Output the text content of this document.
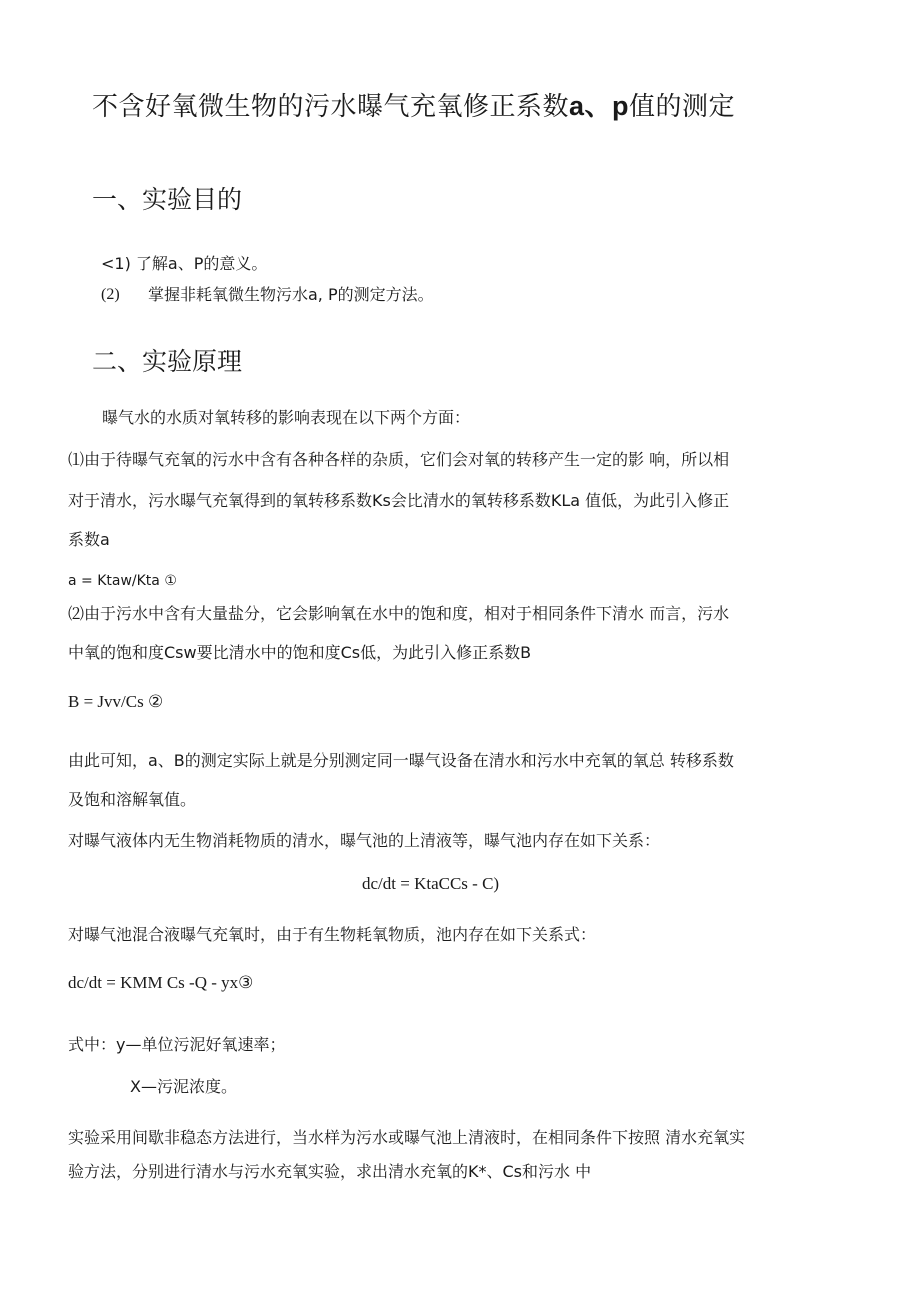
不含好氧微生物的污水曝气充氧修正系数a、p值的测定
一、实验目的

<1) 了解a、P的意义。

(2) 掌握非耗氧微生物污水a, P的测定方法。

二、实验原理

曝气水的水质对氧转移的影响表现在以下两个方面：

⑴由于待曝气充氧的污水中含有各种各样的杂质，它们会对氧的转移产生一定的影 响，所以相

对于清水，污水曝气充氧得到的氧转移系数Ks会比清水的氧转移系数KLa 值低，为此引入修正

系数a

a = Ktaw/Kta ①

⑵由于污水中含有大量盐分，它会影响氧在水中的饱和度，相对于相同条件下清水 而言，污水

中氧的饱和度Csw要比清水中的饱和度Cs低，为此引入修正系数B

B = Jvv/Cs ②

由此可知，a、B的测定实际上就是分别测定同一曝气设备在清水和污水中充氧的氧总 转移系数

及饱和溶解氧值。

对曝气液体内无生物消耗物质的清水，曝气池的上清液等，曝气池内存在如下关系：

dc/dt = KtaCCs - C)

对曝气池混合液曝气充氧时，由于有生物耗氧物质，池内存在如下关系式：

dc/dt = KMM Cs -Q - yx③

式中：y—单位污泥好氧速率；

X—污泥浓度。

实验采用间歇非稳态方法进行，当水样为污水或曝气池上清液时，在相同条件下按照 清水充氧实

验方法，分别进行清水与污水充氧实验，求出清水充氧的K*、Cs和污水 中
